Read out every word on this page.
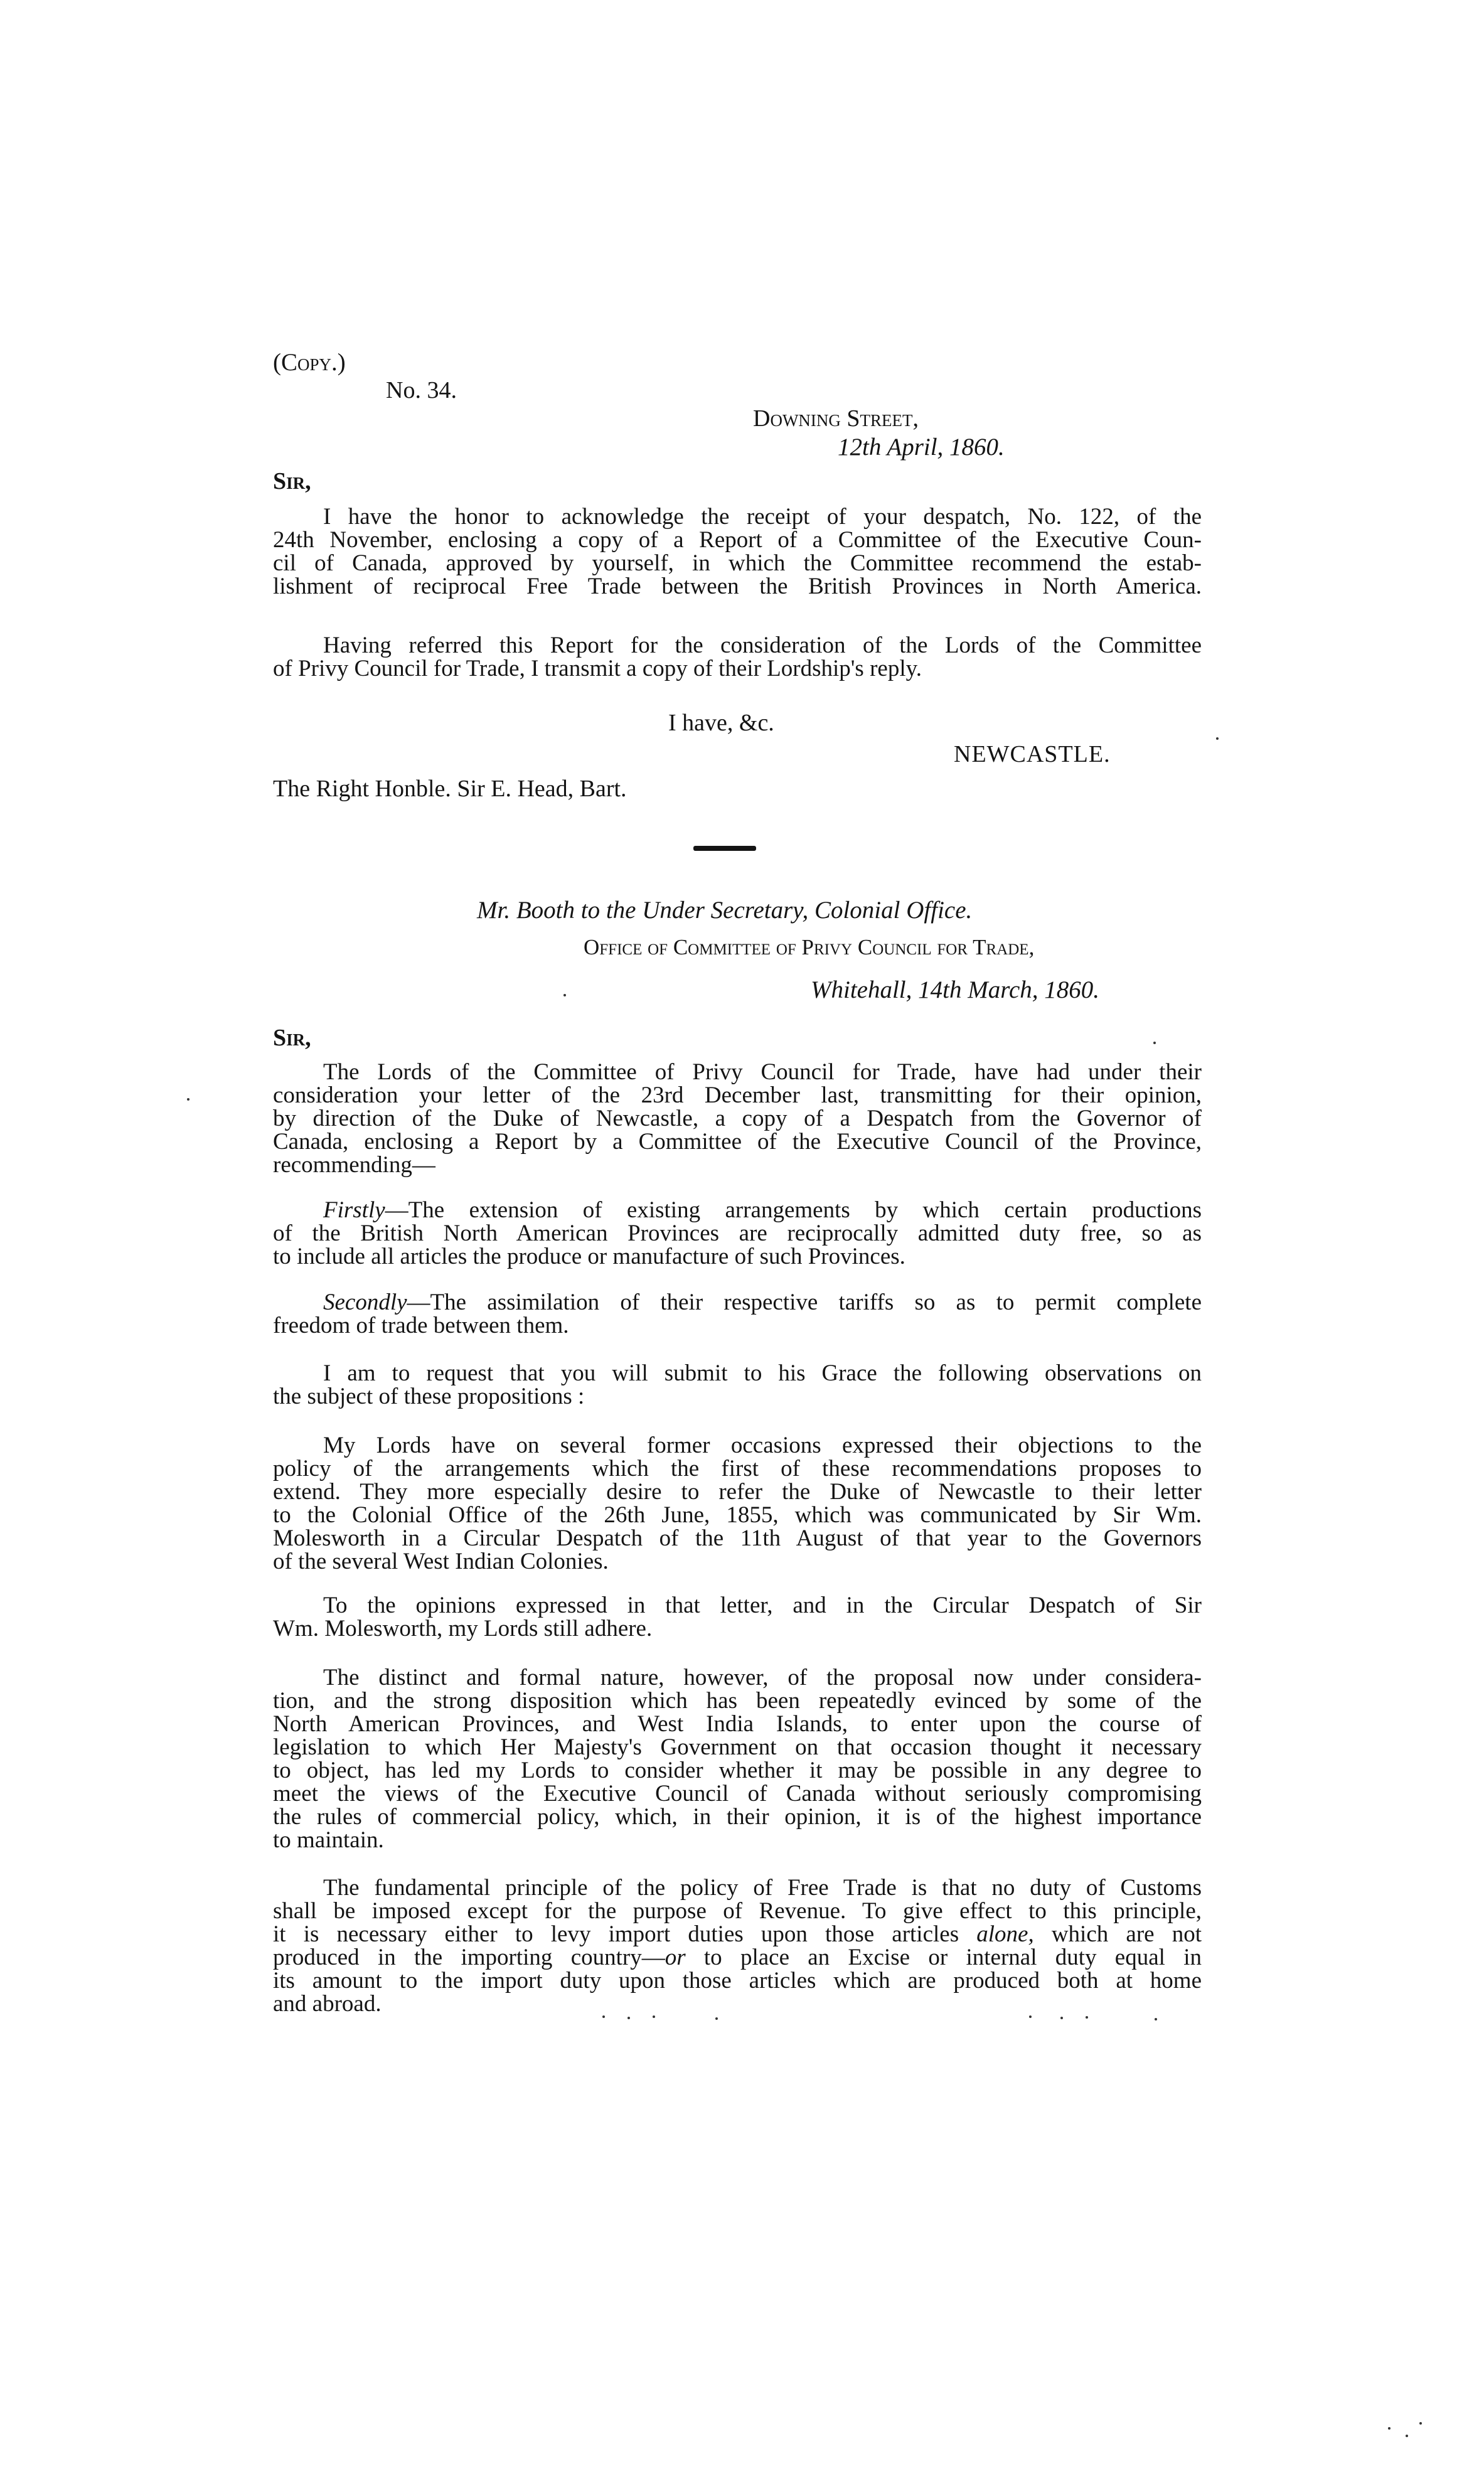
(Copy.)
No. 34.
Downing Street,
12th April, 1860.
Sir,
I have the honor to acknowledge the receipt of your despatch, No. 122, of the
24th November, enclosing a copy of a Report of a Committee of the Executive Coun-
cil of Canada, approved by yourself, in which the Committee recommend the estab-
lishment of reciprocal Free Trade between the British Provinces in North America.
Having referred this Report for the consideration of the Lords of the Committee
of Privy Council for Trade, I transmit a copy of their Lordship's reply.
I have, &c.
NEWCASTLE.
The Right Honble. Sir E. Head, Bart.
Mr. Booth to the Under Secretary, Colonial Office.
Office of Committee of Privy Council for Trade,
Whitehall, 14th March, 1860.
Sir,
The Lords of the Committee of Privy Council for Trade, have had under their
consideration your letter of the 23rd December last, transmitting for their opinion,
by direction of the Duke of Newcastle, a copy of a Despatch from the Governor of
Canada, enclosing a Report by a Committee of the Executive Council of the Province,
recommending—
Firstly—The extension of existing arrangements by which certain productions
of the British North American Provinces are reciprocally admitted duty free, so as
to include all articles the produce or manufacture of such Provinces.
Secondly—The assimilation of their respective tariffs so as to permit complete
freedom of trade between them.
I am to request that you will submit to his Grace the following observations on
the subject of these propositions :
My Lords have on several former occasions expressed their objections to the
policy of the arrangements which the first of these recommendations proposes to
extend. They more especially desire to refer the Duke of Newcastle to their letter
to the Colonial Office of the 26th June, 1855, which was communicated by Sir Wm.
Molesworth in a Circular Despatch of the 11th August of that year to the Governors
of the several West Indian Colonies.
To the opinions expressed in that letter, and in the Circular Despatch of Sir
Wm. Molesworth, my Lords still adhere.
The distinct and formal nature, however, of the proposal now under considera-
tion, and the strong disposition which has been repeatedly evinced by some of the
North American Provinces, and West India Islands, to enter upon the course of
legislation to which Her Majesty's Government on that occasion thought it necessary
to object, has led my Lords to consider whether it may be possible in any degree to
meet the views of the Executive Council of Canada without seriously compromising
the rules of commercial policy, which, in their opinion, it is of the highest importance
to maintain.
The fundamental principle of the policy of Free Trade is that no duty of Customs
shall be imposed except for the purpose of Revenue. To give effect to this principle,
it is necessary either to levy import duties upon those articles alone, which are not
produced in the importing country—or to place an Excise or internal duty equal in
its amount to the import duty upon those articles which are produced both at home
and abroad.
